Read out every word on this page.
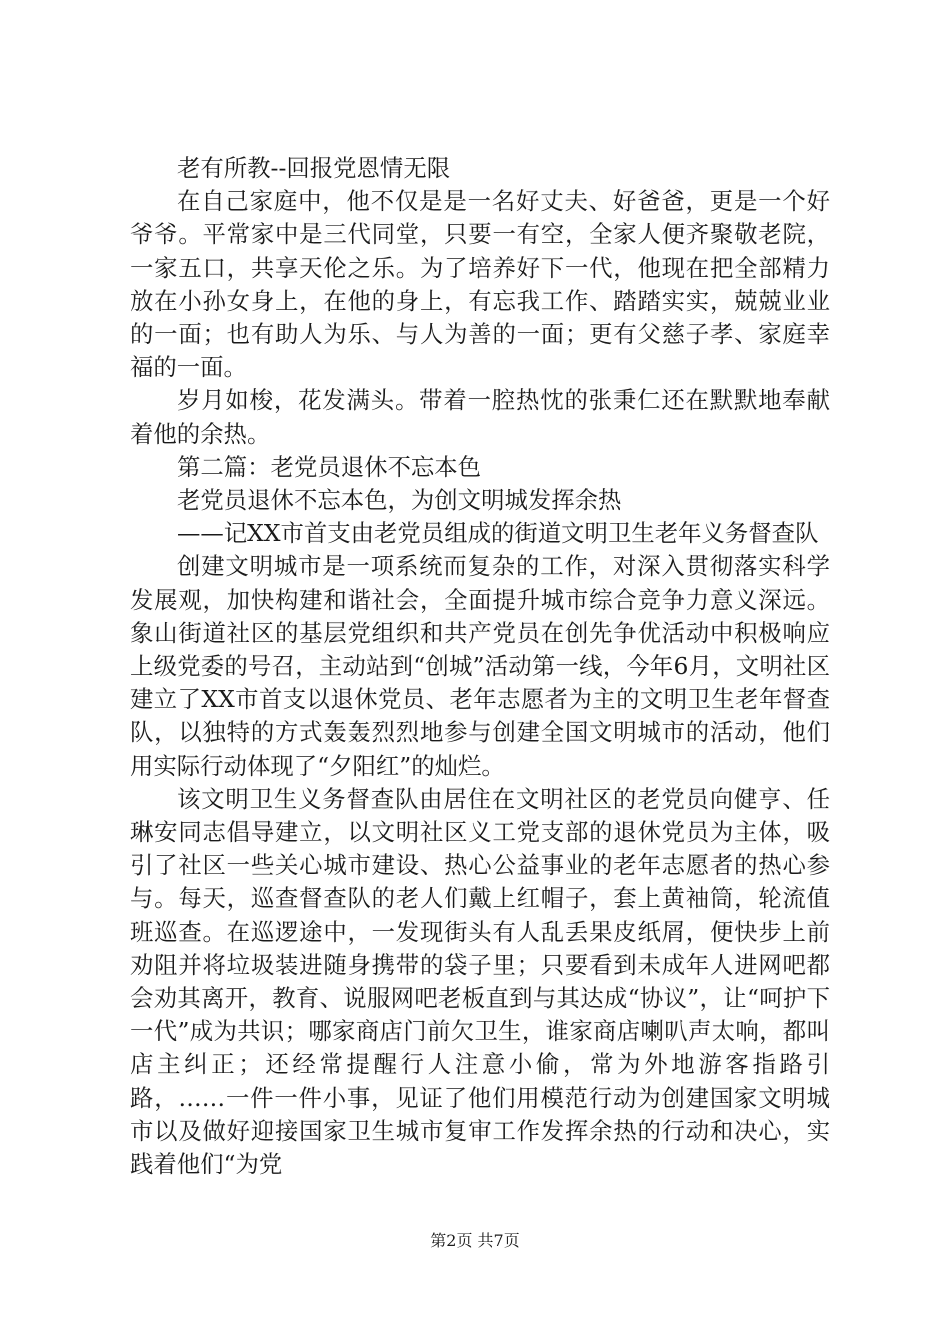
老有所教--回报党恩情无限

在自己家庭中，他不仅是是一名好丈夫、好爸爸，更是一个好爷爷。平常家中是三代同堂，只要一有空，全家人便齐聚敬老院，一家五口，共享天伦之乐。为了培养好下一代，他现在把全部精力放在小孙女身上，在他的身上，有忘我工作、踏踏实实，兢兢业业的一面；也有助人为乐、与人为善的一面；更有父慈子孝、家庭幸福的一面。

岁月如梭，花发满头。带着一腔热忱的张秉仁还在默默地奉献着他的余热。

第二篇：老党员退休不忘本色

老党员退休不忘本色，为创文明城发挥余热

——记XX市首支由老党员组成的街道文明卫生老年义务督查队

创建文明城市是一项系统而复杂的工作，对深入贯彻落实科学发展观，加快构建和谐社会，全面提升城市综合竞争力意义深远。象山街道社区的基层党组织和共产党员在创先争优活动中积极响应上级党委的号召，主动站到“创城”活动第一线，今年6月，文明社区建立了XX市首支以退休党员、老年志愿者为主的文明卫生老年督查队，以独特的方式轰轰烈烈地参与创建全国文明城市的活动，他们用实际行动体现了“夕阳红”的灿烂。

该文明卫生义务督查队由居住在文明社区的老党员向健亨、任琳安同志倡导建立，以文明社区义工党支部的退休党员为主体，吸引了社区一些关心城市建设、热心公益事业的老年志愿者的热心参与。每天，巡查督查队的老人们戴上红帽子，套上黄袖筒，轮流值班巡查。在巡逻途中，一发现街头有人乱丢果皮纸屑，便快步上前劝阻并将垃圾装进随身携带的袋子里；只要看到未成年人进网吧都会劝其离开，教育、说服网吧老板直到与其达成“协议”，让“呵护下一代”成为共识；哪家商店门前欠卫生，谁家商店喇叭声太响，都叫店主纠正；还经常提醒行人注意小偷，常为外地游客指路引路，……一件一件小事，见证了他们用模范行动为创建国家文明城市以及做好迎接国家卫生城市复审工作发挥余热的行动和决心，实践着他们“为党

第2页 共7页
